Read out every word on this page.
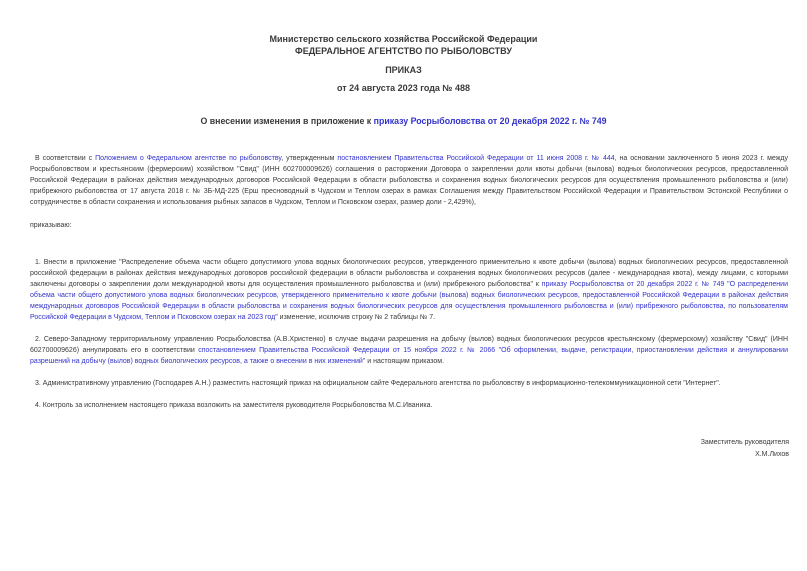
Министерство сельского хозяйства Российской Федерации
ФЕДЕРАЛЬНОЕ АГЕНТСТВО ПО РЫБОЛОВСТВУ
ПРИКАЗ
от 24 августа 2023 года № 488
О внесении изменения в приложение к приказу Росрыболовства от 20 декабря 2022 г. № 749

В соответствии с Положением о Федеральном агентстве по рыболовству, утвержденным постановлением Правительства Российской Федерации от 11 июня 2008 г. № 444, на основании заключенного 5 июня 2023 г. между Росрыболовством и крестьянским (фермерским) хозяйством "Свид" (ИНН 602700009626) соглашения о расторжении Договора о закреплении доли квоты добычи (вылова) водных биологических ресурсов, предоставленной Российской Федерации в районах действия международных договоров Российской Федерации в области рыболовства и сохранения водных биологических ресурсов для осуществления промышленного рыболовства и (или) прибрежного рыболовства от 17 августа 2018 г. № 3Б-МД-225 (Ерш пресноводный в Чудском и Теплом озерах в рамках Соглашения между Правительством Российской Федерации и Правительством Эстонской Республики о сотрудничестве в области сохранения и использования рыбных запасов в Чудском, Теплом и Псковском озерах, размер доли - 2,429%),

приказываю:

1. Внести в приложение "Распределение объема части общего допустимого улова водных биологических ресурсов, утвержденного применительно к квоте добычи (вылова) водных биологических ресурсов, предоставленной российской федерации в районах действия международных договоров российской федерации в области рыболовства и сохранения водных биологических ресурсов (далее - международная квота), между лицами, с которыми заключены договоры о закреплении доли международной квоты для осуществления промышленного рыболовства и (или) прибрежного рыболовства" к приказу Росрыболовства от 20 декабря 2022 г. № 749 "О распределении объема части общего допустимого улова водных биологических ресурсов, утвержденного применительно к квоте добычи (вылова) водных биологических ресурсов, предоставленной Российской Федерации в районах действия международных договоров Российской Федерации в области рыболовства и сохранения водных биологических ресурсов для осуществления промышленного рыболовства и (или) прибрежного рыболовства, по пользователям Российской Федерации в Чудском, Теплом и Псковском озерах на 2023 год" изменение, исключив строку № 2 таблицы № 7.

2. Северо-Западному территориальному управлению Росрыболовства (А.В.Христенко) в случае выдачи разрешения на добычу (вылов) водных биологических ресурсов крестьянскому (фермерскому) хозяйству "Свид" (ИНН 602700009626) аннулировать его в соответствии спостановлением Правительства Российской Федерации от 15 ноября 2022 г. № 2066 "Об оформлении, выдаче, регистрации, приостановлении действия и аннулировании разрешений на добычу (вылов) водных биологических ресурсов, а также о внесении в них изменений" и настоящим приказом.

3. Административному управлению (Господарев А.Н.) разместить настоящий приказ на официальном сайте Федерального агентства по рыболовству в информационно-телекоммуникационной сети "Интернет".

4. Контроль за исполнением настоящего приказа возложить на заместителя руководителя Росрыболовства М.С.Иваника.

Заместитель руководителя
Х.М.Лихов
